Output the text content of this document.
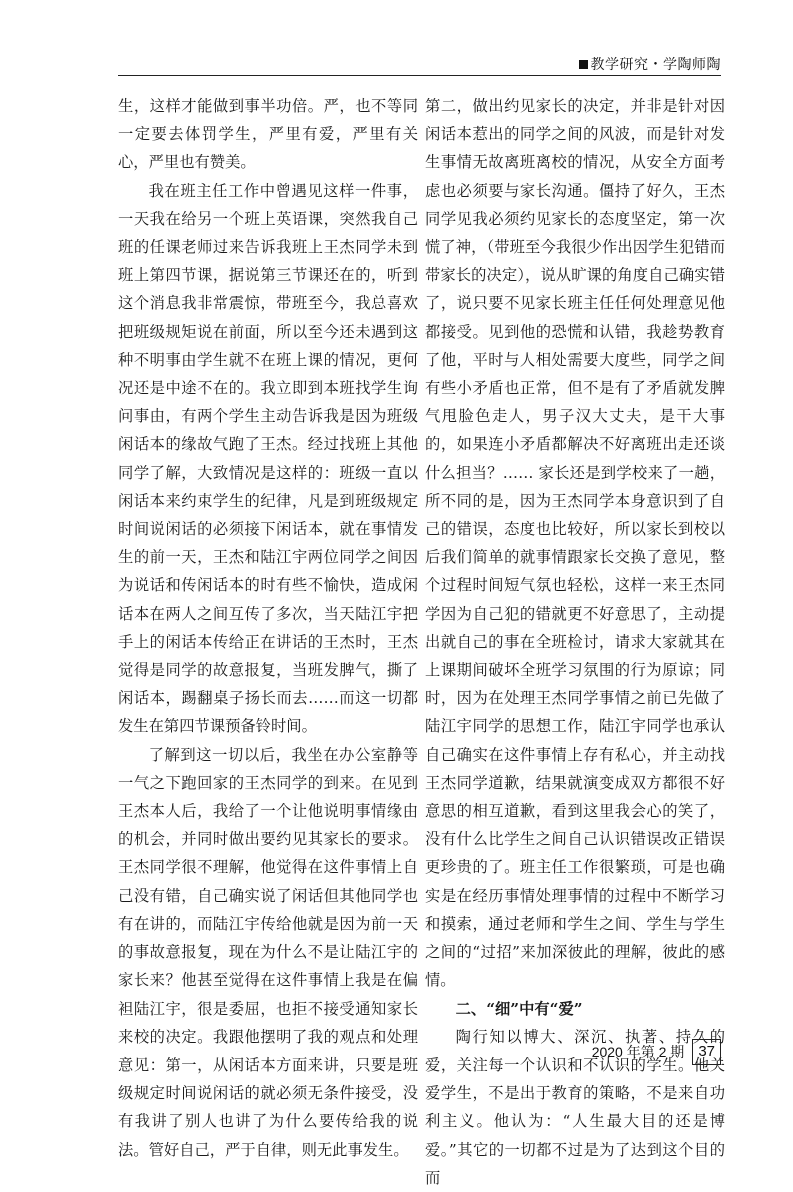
教学研究・学陶师陶

生，这样才能做到事半功倍。严，也不等同一定要去体罚学生，严里有爱，严里有关心，严里也有赞美。

我在班主任工作中曾遇见这样一件事，一天我在给另一个班上英语课，突然我自己班的任课老师过来告诉我班上王杰同学未到班上第四节课，据说第三节课还在的，听到这个消息我非常震惊，带班至今，我总喜欢把班级规矩说在前面，所以至今还未遇到这种不明事由学生就不在班上课的情况，更何况还是中途不在的。我立即到本班找学生询问事由，有两个学生主动告诉我是因为班级闲话本的缘故气跑了王杰。经过找班上其他同学了解，大致情况是这样的：班级一直以闲话本来约束学生的纪律，凡是到班级规定时间说闲话的必须接下闲话本，就在事情发生的前一天，王杰和陆江宇两位同学之间因为说话和传闲话本的时有些不愉快，造成闲话本在两人之间互传了多次，当天陆江宇把手上的闲话本传给正在讲话的王杰时，王杰觉得是同学的故意报复，当班发脾气，撕了闲话本，踢翻桌子扬长而去……而这一切都发生在第四节课预备铃时间。

了解到这一切以后，我坐在办公室静等一气之下跑回家的王杰同学的到来。在见到王杰本人后，我给了一个让他说明事情缘由的机会，并同时做出要约见其家长的要求。王杰同学很不理解，他觉得在这件事情上自己没有错，自己确实说了闲话但其他同学也有在讲的，而陆江宇传给他就是因为前一天的事故意报复，现在为什么不是让陆江宇的家长来？他甚至觉得在这件事情上我是在偏袒陆江宇，很是委屈，也拒不接受通知家长来校的决定。我跟他摆明了我的观点和处理意见：第一，从闲话本方面来讲，只要是班级规定时间说闲话的就必须无条件接受，没有我讲了别人也讲了为什么要传给我的说法。管好自己，严于自律，则无此事发生。

第二，做出约见家长的决定，并非是针对因闲话本惹出的同学之间的风波，而是针对发生事情无故离班离校的情况，从安全方面考虑也必须要与家长沟通。僵持了好久，王杰同学见我必须约见家长的态度坚定，第一次慌了神，（带班至今我很少作出因学生犯错而带家长的决定），说从旷课的角度自己确实错了，说只要不见家长班主任任何处理意见他都接受。见到他的恐慌和认错，我趁势教育了他，平时与人相处需要大度些，同学之间有些小矛盾也正常，但不是有了矛盾就发脾气甩脸色走人，男子汉大丈夫，是干大事的，如果连小矛盾都解决不好离班出走还谈什么担当？…… 家长还是到学校来了一趟，所不同的是，因为王杰同学本身意识到了自己的错误，态度也比较好，所以家长到校以后我们简单的就事情跟家长交换了意见，整个过程时间短气氛也轻松，这样一来王杰同学因为自己犯的错就更不好意思了，主动提出就自己的事在全班检讨，请求大家就其在上课期间破坏全班学习氛围的行为原谅；同时，因为在处理王杰同学事情之前已先做了陆江宇同学的思想工作，陆江宇同学也承认自己确实在这件事情上存有私心，并主动找王杰同学道歉，结果就演变成双方都很不好意思的相互道歉，看到这里我会心的笑了，没有什么比学生之间自己认识错误改正错误更珍贵的了。班主任工作很繁琐，可是也确实是在经历事情处理事情的过程中不断学习和摸索，通过老师和学生之间、学生与学生之间的“过招”来加深彼此的理解，彼此的感情。

二、“细”中有“爱”

陶行知以博大、深沉、执著、持久的爱，关注每一个认识和不认识的学生。他关爱学生，不是出于教育的策略，不是来自功利主义。他认为：“人生最大目的还是博爱。”其它的一切都不过是为了达到这个目的而

2020 年第 2 期 37
